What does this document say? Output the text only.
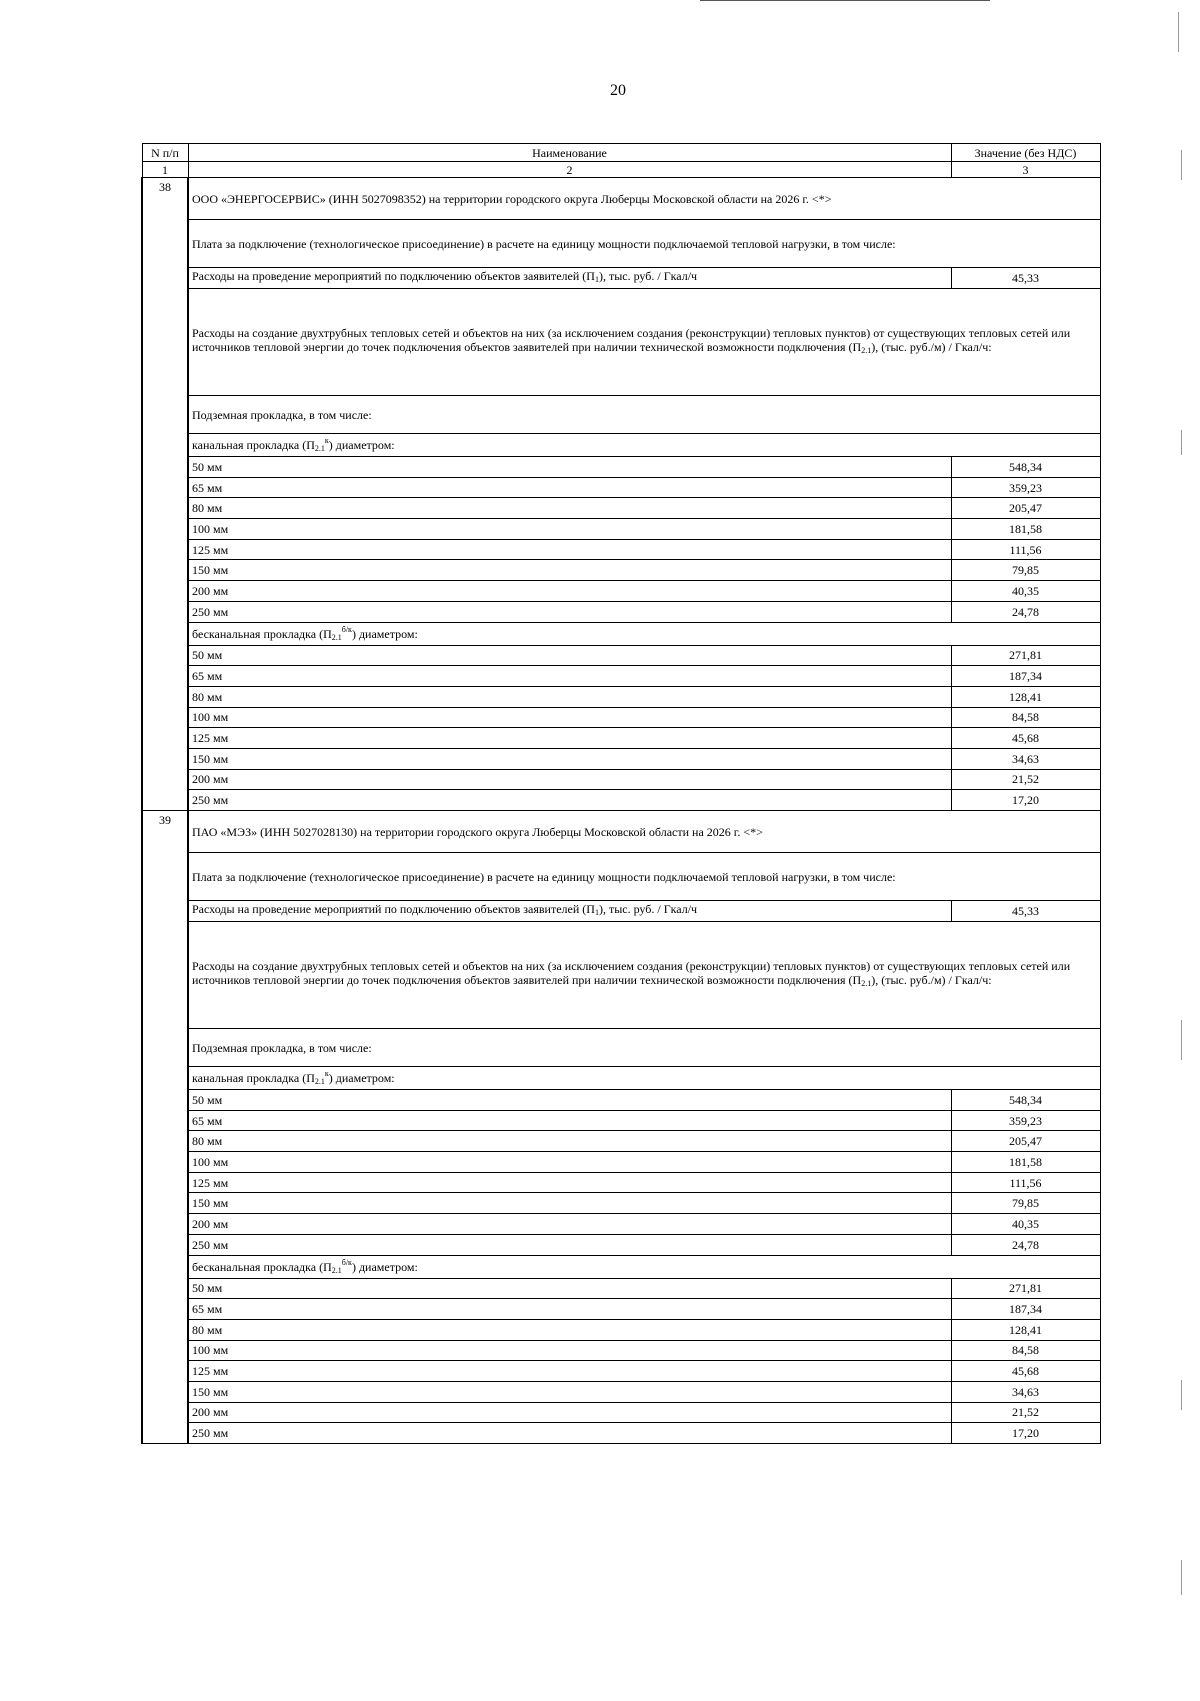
20
N п/п	Наименование	Значение (без НДС)
1	2	3
38	ООО «ЭНЕРГОСЕРВИС» (ИНН 5027098352) на территории городского округа Люберцы Московской области на 2026 г. <*>	
	Плата за подключение (технологическое присоединение) в расчете на единицу мощности подключаемой тепловой нагрузки, в том числе:	
	Расходы на проведение мероприятий по подключению объектов заявителей $(П_1)$, тыс. руб. / Гкал/ч	45,33
	Расходы на создание двухтрубных тепловых сетей и объектов на них (за исключением создания (реконструкции) тепловых пунктов) от существующих тепловых сетей или источников тепловой энергии до точек подключения объектов заявителей при наличии технической возможности подключения $(П_{2.1})$, (тыс. руб./м) / Гкал/ч:	
	Подземная прокладка, в том числе:	
	канальная прокладка $(П_{2.1}^к)$ диаметром:	
	50 мм	548,34
	65 мм	359,23
	80 мм	205,47
	100 мм	181,58
	125 мм	111,56
	150 мм	79,85
	200 мм	40,35
	250 мм	24,78
	бесканальная прокладка $(П_{2.1}^{б/к})$ диаметром:	
	50 мм	271,81
	65 мм	187,34
	80 мм	128,41
	100 мм	84,58
	125 мм	45,68
	150 мм	34,63
	200 мм	21,52
	250 мм	17,20
39	ПАО «МЭЗ» (ИНН 5027028130) на территории городского округа Люберцы Московской области на 2026 г. <*>	
	Плата за подключение (технологическое присоединение) в расчете на единицу мощности подключаемой тепловой нагрузки, в том числе:	
	Расходы на проведение мероприятий по подключению объектов заявителей $(П_1)$, тыс. руб. / Гкал/ч	45,33
	Расходы на создание двухтрубных тепловых сетей и объектов на них (за исключением создания (реконструкции) тепловых пунктов) от существующих тепловых сетей или источников тепловой энергии до точек подключения объектов заявителей при наличии технической возможности подключения $(П_{2.1})$, (тыс. руб./м) / Гкал/ч:	
	Подземная прокладка, в том числе:	
	канальная прокладка $(П_{2.1}^к)$ диаметром:	
	50 мм	548,34
	65 мм	359,23
	80 мм	205,47
	100 мм	181,58
	125 мм	111,56
	150 мм	79,85
	200 мм	40,35
	250 мм	24,78
	бесканальная прокладка $(П_{2.1}^{б/к})$ диаметром:	
	50 мм	271,81
	65 мм	187,34
	80 мм	128,41
	100 мм	84,58
	125 мм	45,68
	150 мм	34,63
	200 мм	21,52
	250 мм	17,20
